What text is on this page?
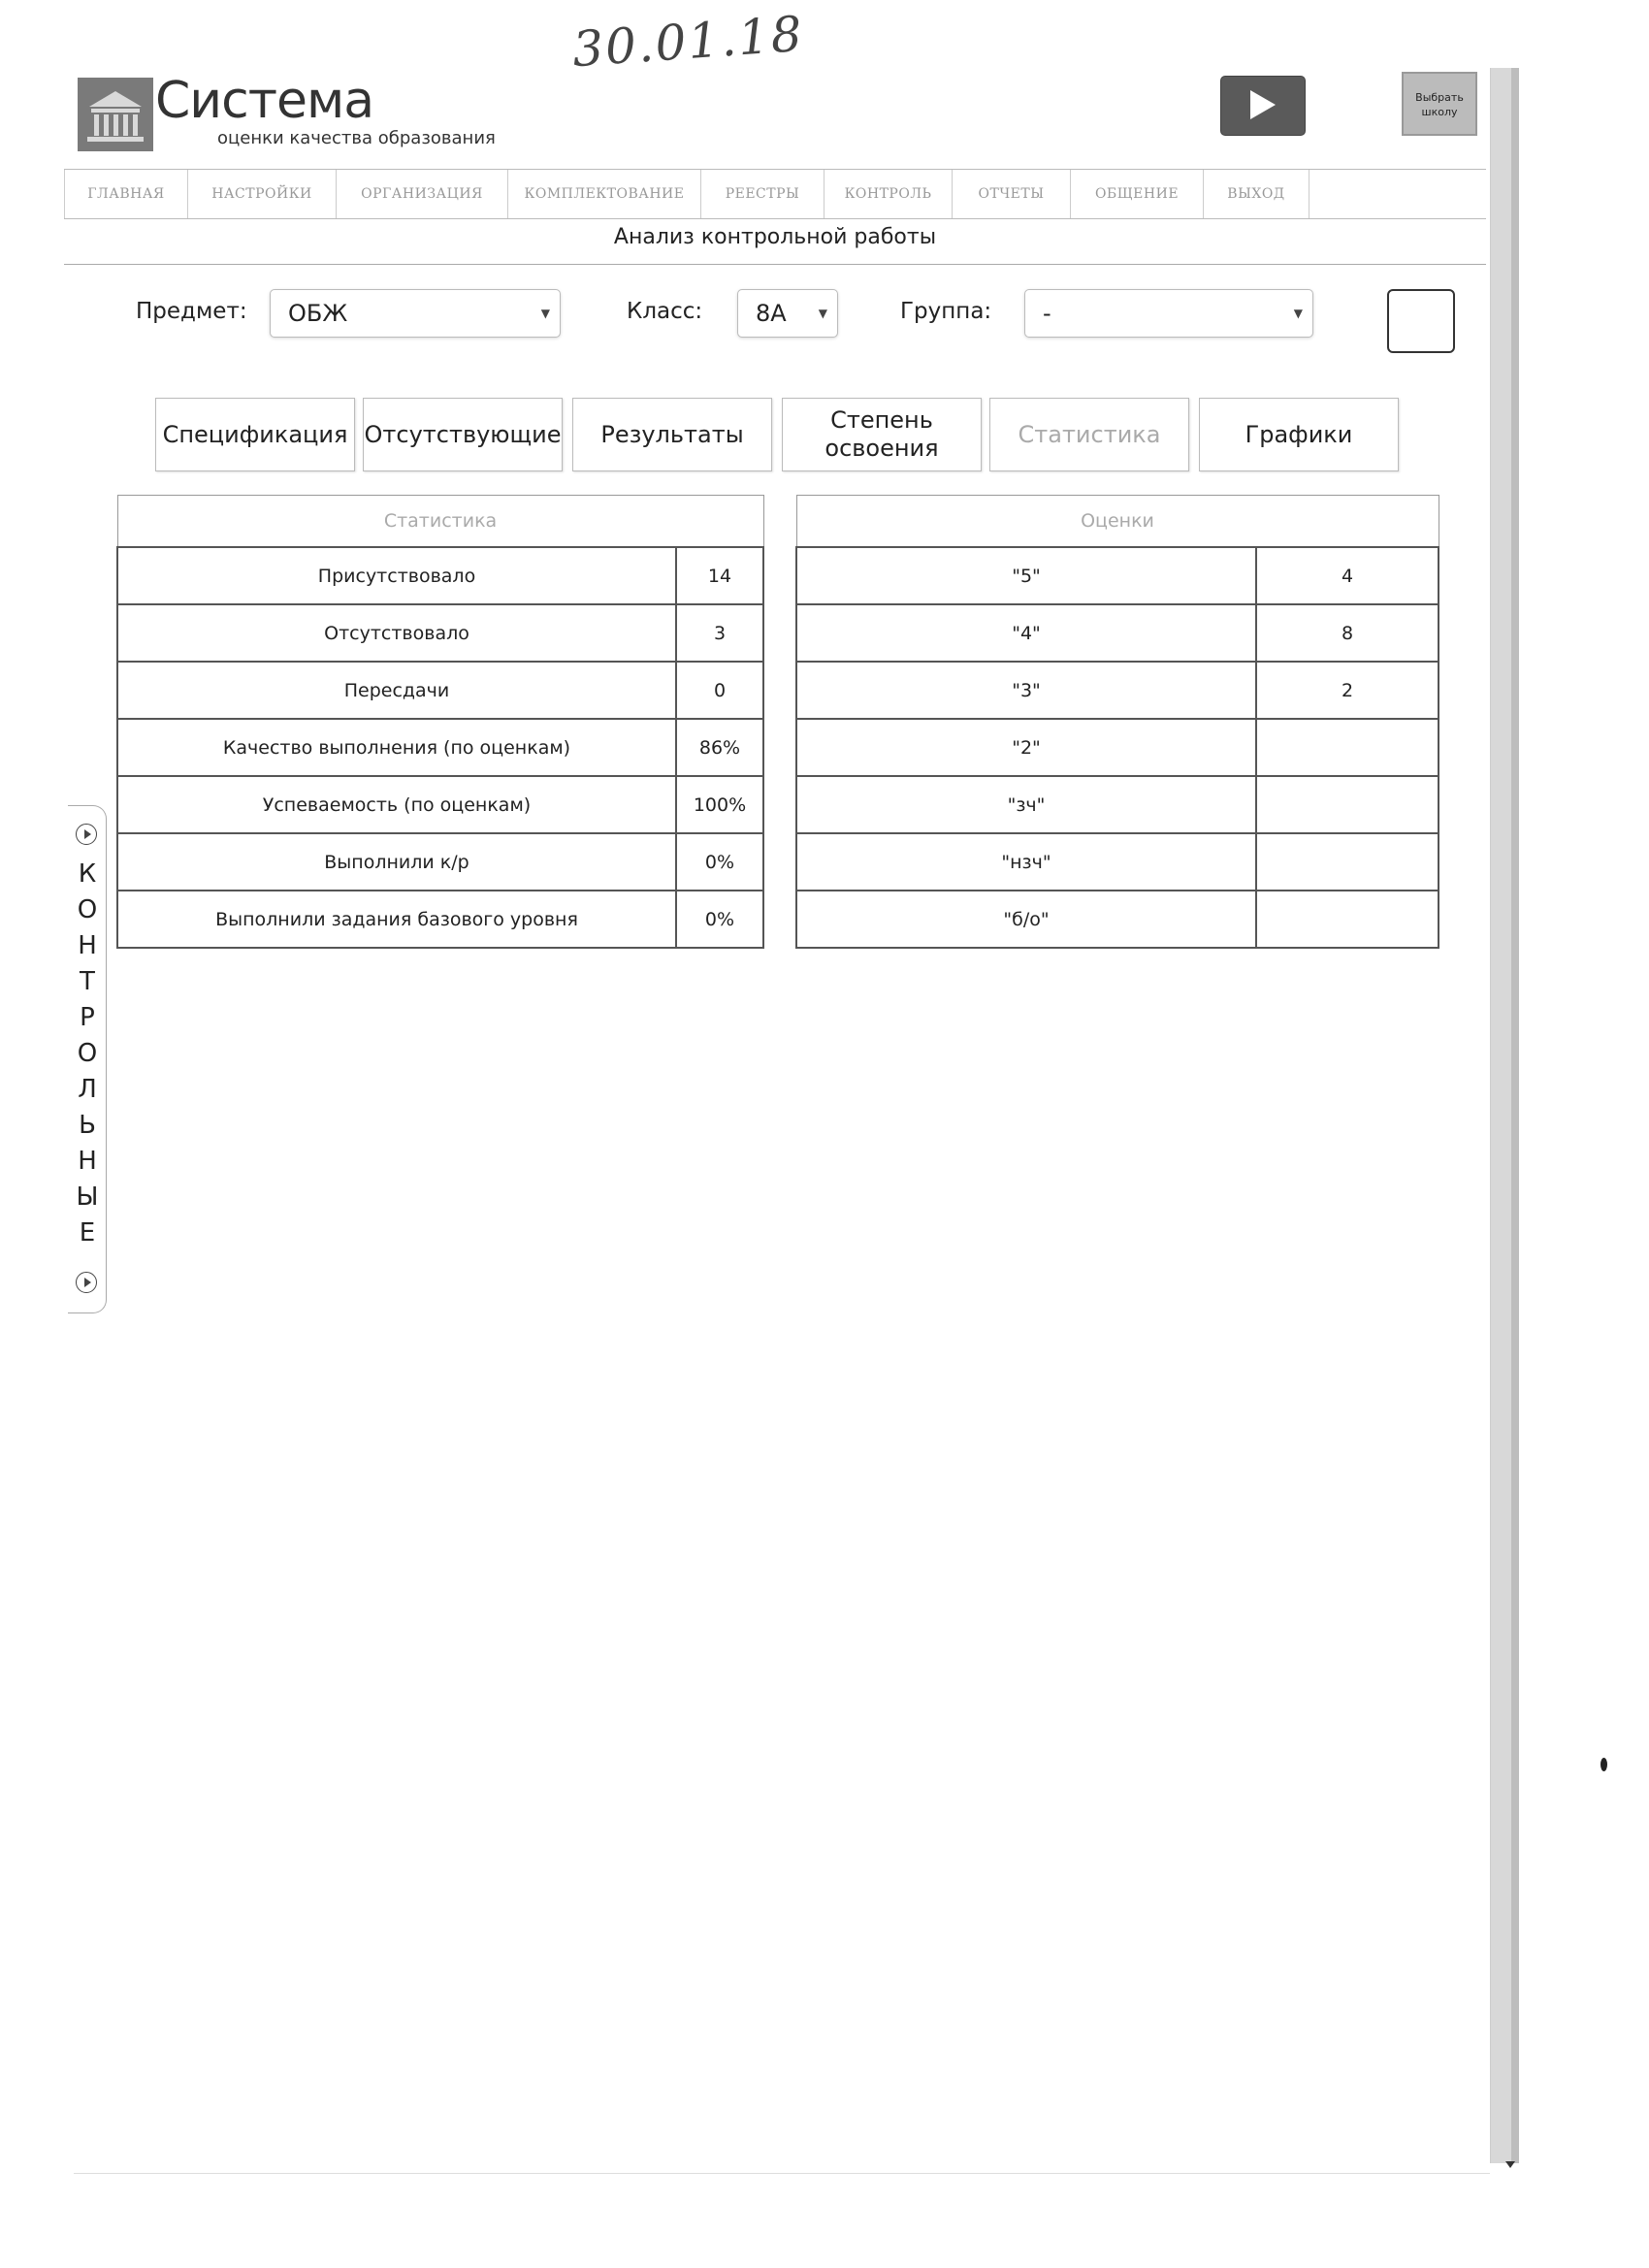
30.01.18
Система
оценки качества образования
Выбрать школу
ГЛАВНАЯ	НАСТРОЙКИ	ОРГАНИЗАЦИЯ	КОМПЛЕКТОВАНИЕ	РЕЕСТРЫ	КОНТРОЛЬ	ОТЧЕТЫ	ОБЩЕНИЕ	ВЫХОД
Анализ контрольной работы
Предмет:	ОБЖ	▼	Класс:	8А	▼	Группа:	-	▼
Спецификация Отсутствующие	Результаты
Степень освоения
Статистика	Графики
Статистика	
Присутствовало	14
Отсутствовало	3
Пересдачи	0
Качество выполнения (по оценкам)	86%
Успеваемость (по оценкам)	100%
Выполнили к/р	0%
Выполнили задания базового уровня	0%
Оценки	
"5"	4
"4"	8
"3"	2
"2"	
"зч"	
"нзч"	
"б/о"	
К
О
Н
Т
Р
О
Л
Ь
Н
Ы
Е
